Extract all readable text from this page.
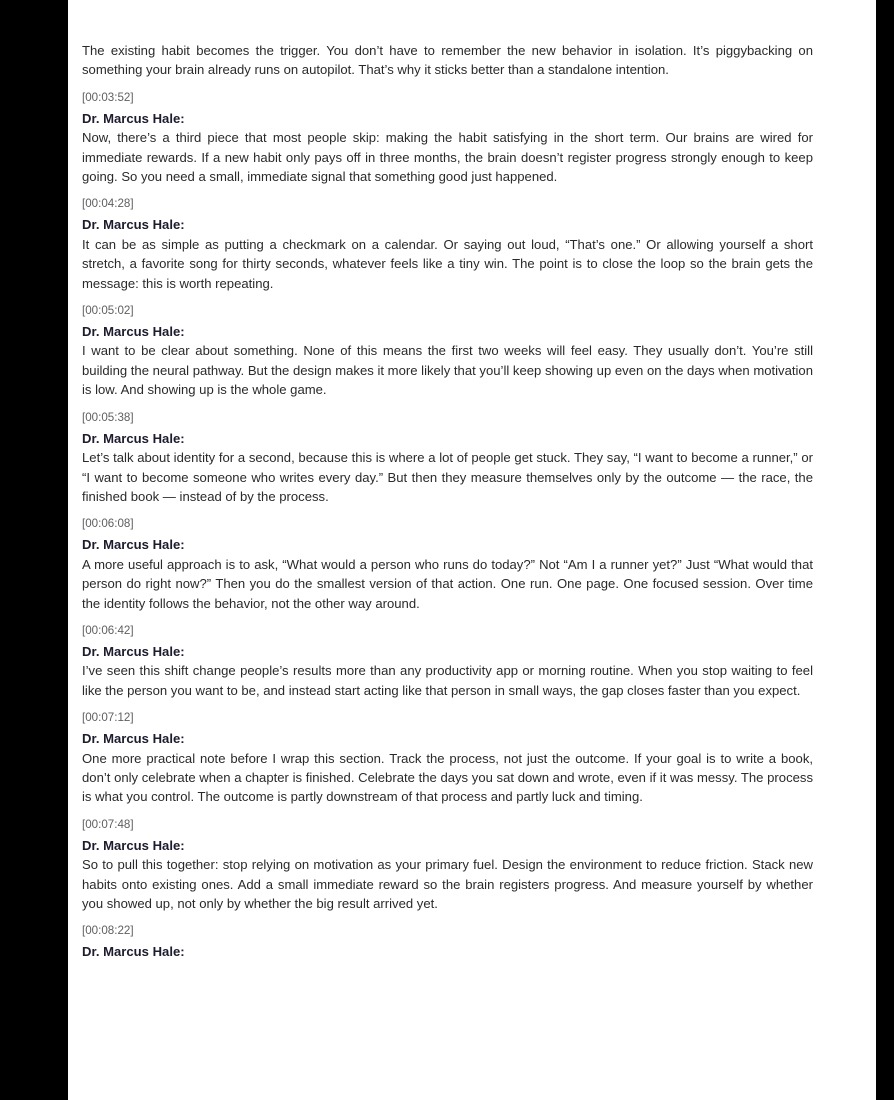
The existing habit becomes the trigger. You don’t have to remember the new behavior in isolation. It’s piggybacking on something your brain already runs on autopilot. That’s why it sticks better than a standalone intention.

[00:03:52]
Dr. Marcus Hale:

Now, there’s a third piece that most people skip: making the habit satisfying in the short term. Our brains are wired for immediate rewards. If a new habit only pays off in three months, the brain doesn’t register progress strongly enough to keep going. So you need a small, immediate signal that something good just happened.

[00:04:28]
Dr. Marcus Hale:

It can be as simple as putting a checkmark on a calendar. Or saying out loud, “That’s one.” Or allowing yourself a short stretch, a favorite song for thirty seconds, whatever feels like a tiny win. The point is to close the loop so the brain gets the message: this is worth repeating.

[00:05:02]
Dr. Marcus Hale:

I want to be clear about something. None of this means the first two weeks will feel easy. They usually don’t. You’re still building the neural pathway. But the design makes it more likely that you’ll keep showing up even on the days when motivation is low. And showing up is the whole game.

[00:05:38]
Dr. Marcus Hale:

Let’s talk about identity for a second, because this is where a lot of people get stuck. They say, “I want to become a runner,” or “I want to become someone who writes every day.” But then they measure themselves only by the outcome — the race, the finished book — instead of by the process.

[00:06:08]
Dr. Marcus Hale:

A more useful approach is to ask, “What would a person who runs do today?” Not “Am I a runner yet?” Just “What would that person do right now?” Then you do the smallest version of that action. One run. One page. One focused session. Over time the identity follows the behavior, not the other way around.

[00:06:42]
Dr. Marcus Hale:

I’ve seen this shift change people’s results more than any productivity app or morning routine. When you stop waiting to feel like the person you want to be, and instead start acting like that person in small ways, the gap closes faster than you expect.

[00:07:12]
Dr. Marcus Hale:

One more practical note before I wrap this section. Track the process, not just the outcome. If your goal is to write a book, don’t only celebrate when a chapter is finished. Celebrate the days you sat down and wrote, even if it was messy. The process is what you control. The outcome is partly downstream of that process and partly luck and timing.

[00:07:48]
Dr. Marcus Hale:

So to pull this together: stop relying on motivation as your primary fuel. Design the environment to reduce friction. Stack new habits onto existing ones. Add a small immediate reward so the brain registers progress. And measure yourself by whether you showed up, not only by whether the big result arrived yet.

[00:08:22]
Dr. Marcus Hale:
